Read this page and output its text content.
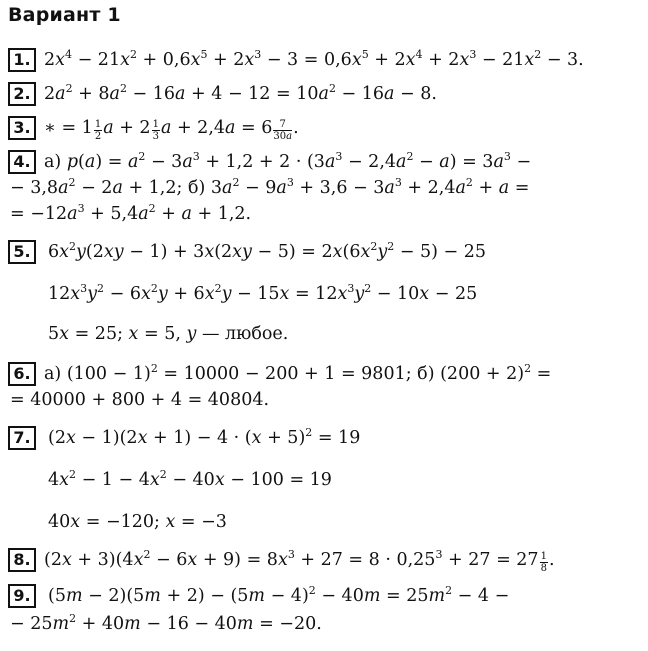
Вариант 1
1. $2x^4 - 21x^2 + 0,6x^5 + 2x^3 - 3 = 0,6x^5 + 2x^4 + 2x^3 - 21x^2 - 3$.
2. $2a^2 + 8a^2 - 16a + 4 - 12 = 10a^2 - 16a - 8$.
3. ∗ = $1 \frac{1}{2}$ $a + 2 \frac{1}{3}$ $a + 2,4a = 6 \frac{7}{30a}$ .
4. а) $p(a) = a^2 - 3a^3 + 1,2 + 2 \cdot (3a^3 - 2,4a^2 - a) = 3a^3$ −
− $3,8a^2 - 2a + 1,2$; б) $3a^2 - 9a^3 + 3,6 - 3a^3 + 2,4a^2 + a$ =
= $-12a^3 + 5,4a^2 + a + 1,2$.
5. $6x^2y(2xy - 1) + 3x(2xy - 5) = 2x(6x^2y^2 - 5) - 25$
$12x^3y^2 - 6x^2y + 6x^2y - 15x = 12x^3y^2 - 10x - 25$
5x = 25; x = 5, y — любое.
6. а) $(100 - 1)^2 = 10000 - 200 + 1 = 9801$; б) $(200 + 2)^2$ =
= 40000 + 800 + 4 = 40804.
7. $(2x - 1)(2x + 1) - 4 \cdot (x + 5)^2 = 19$
$4x^2 - 1 - 4x^2 - 40x - 100 = 19$
40x = −120; x = −3
8. $(2x + 3)(4x^2 - 6x + 9) = 8x^3 + 27 = 8 \cdot 0,25^3 + 27 = 27 \frac{1}{8}$ .
9. $(5m - 2)(5m + 2) - (5m - 4)^2 - 40m = 25m^2 - 4$ −
− $25m^2 + 40m - 16 - 40m = -20$.
